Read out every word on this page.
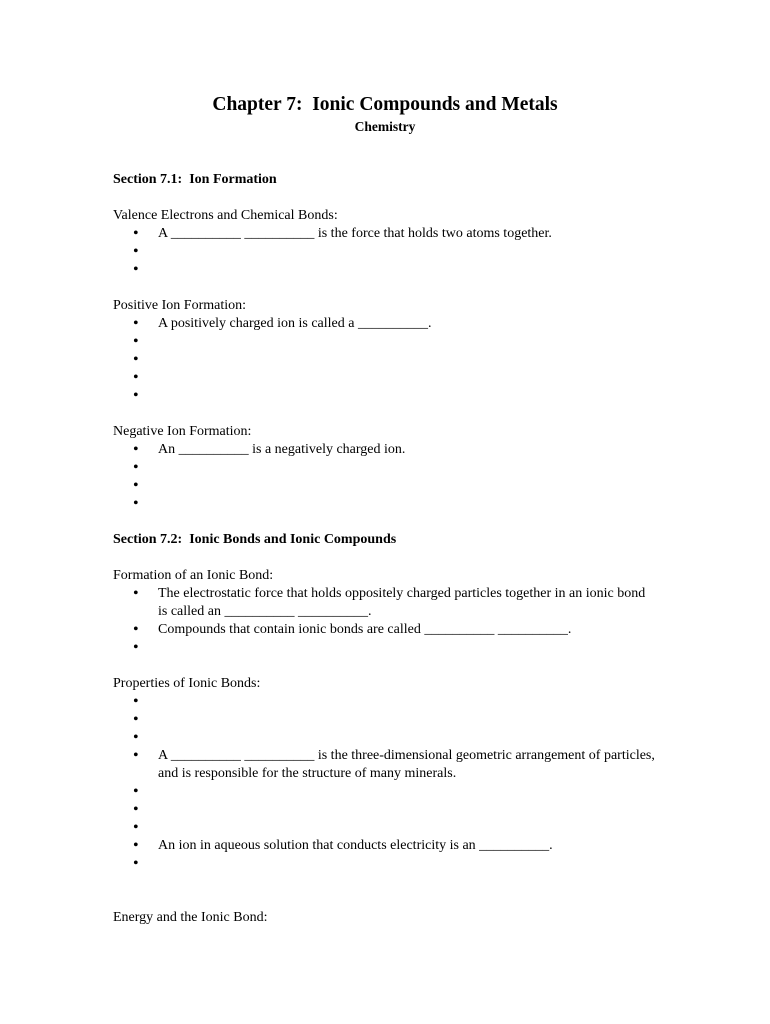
Chapter 7:  Ionic Compounds and Metals
Chemistry
Section 7.1:  Ion Formation
Valence Electrons and Chemical Bonds:
• A __________ __________ is the force that holds two atoms together.
•
•
Positive Ion Formation:
• A positively charged ion is called a __________.
•
•
•
•
Negative Ion Formation:
• An __________ is a negatively charged ion.
•
•
•
Section 7.2:  Ionic Bonds and Ionic Compounds
Formation of an Ionic Bond:
• The electrostatic force that holds oppositely charged particles together in an ionic bond is called an __________ __________.
• Compounds that contain ionic bonds are called __________ __________.
•
Properties of Ionic Bonds:
•
•
•
• A __________ __________ is the three-dimensional geometric arrangement of particles, and is responsible for the structure of many minerals.
•
•
•
• An ion in aqueous solution that conducts electricity is an __________.
•
Energy and the Ionic Bond:
